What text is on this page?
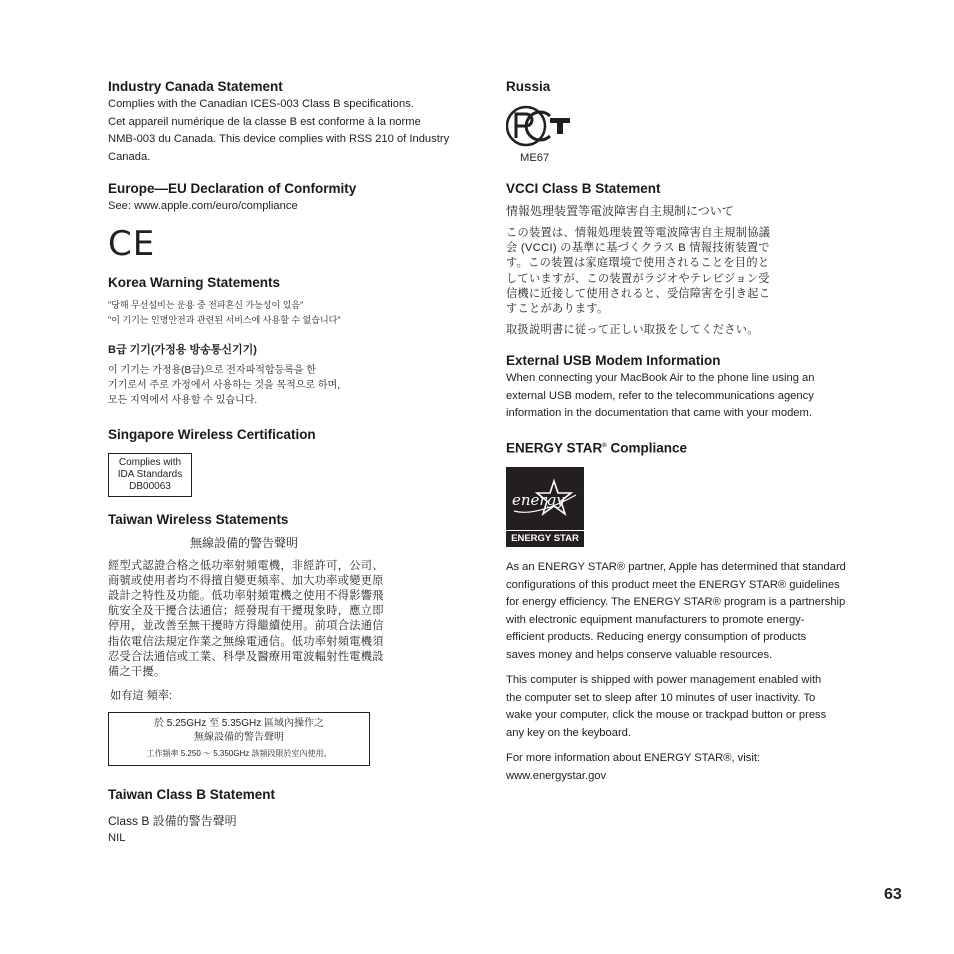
Industry Canada Statement

Complies with the Canadian ICES-003 Class B specifications.

Cet appareil numérique de la classe B est conforme à la norme

NMB-003 du Canada. This device complies with RSS 210 of Industry

Canada.

Europe—EU Declaration of Conformity

See: www.apple.com/euro/compliance

CE
Korea Warning Statements

"당해 무선설비는 운용 중 전파혼신 가능성이 있음"

"이 기기는 인명안전과 관련된 서비스에 사용할 수 없습니다"

B급 기기(가정용 방송통신기기)

이 기기는 가정용(B급)으로 전자파적합등록을 한

기기로서 주로 가정에서 사용하는 것을 목적으로 하며,

모든 지역에서 사용할 수 있습니다.

Singapore Wireless Certification
Complies with
IDA Standards
DB00063
Taiwan Wireless Statements

無線設備的警告聲明

經型式認證合格之低功率射頻電機，非經許可，公司、

商號或使用者均不得擅自變更頻率、加大功率或變更原

設計之特性及功能。低功率射頻電機之使用不得影響飛

航安全及干擾合法通信；經發現有干擾現象時，應立即

停用，並改善至無干擾時方得繼續使用。前項合法通信

指依電信法規定作業之無線電通信。低功率射頻電機須

忍受合法通信或工業、科學及醫療用電波輻射性電機設

備之干擾。

如有這 頻率:

於 5.25GHz 至 5.35GHz 區域內操作之
無線設備的警告聲明
工作頻率 5.250 ～ 5.350GHz 該頻段限於室內使用。
Taiwan Class B Statement

Class B 設備的警告聲明

NIL

Russia

ME67

VCCI Class B Statement

情報処理装置等電波障害自主規制について

この装置は、情報処理装置等電波障害自主規制協議

会 (VCCI) の基準に基づくクラス B 情報技術装置で

す。この装置は家庭環境で使用されることを目的と

していますが、この装置がラジオやテレビジョン受

信機に近接して使用されると、受信障害を引き起こ

すことがあります。

取扱説明書に従って正しい取扱をしてください。

External USB Modem Information

When connecting your MacBook Air to the phone line using an

external USB modem, refer to the telecommunications agency

information in the documentation that came with your modem.

ENERGY STAR® Compliance
energy
ENERGY STAR

As an ENERGY STAR® partner, Apple has determined that standard

configurations of this product meet the ENERGY STAR® guidelines

for energy efficiency. The ENERGY STAR® program is a partnership

with electronic equipment manufacturers to promote energy-

efficient products. Reducing energy consumption of products

saves money and helps conserve valuable resources.

This computer is shipped with power management enabled with

the computer set to sleep after 10 minutes of user inactivity. To

wake your computer, click the mouse or trackpad button or press

any key on the keyboard.

For more information about ENERGY STAR®, visit:

www.energystar.gov

63
